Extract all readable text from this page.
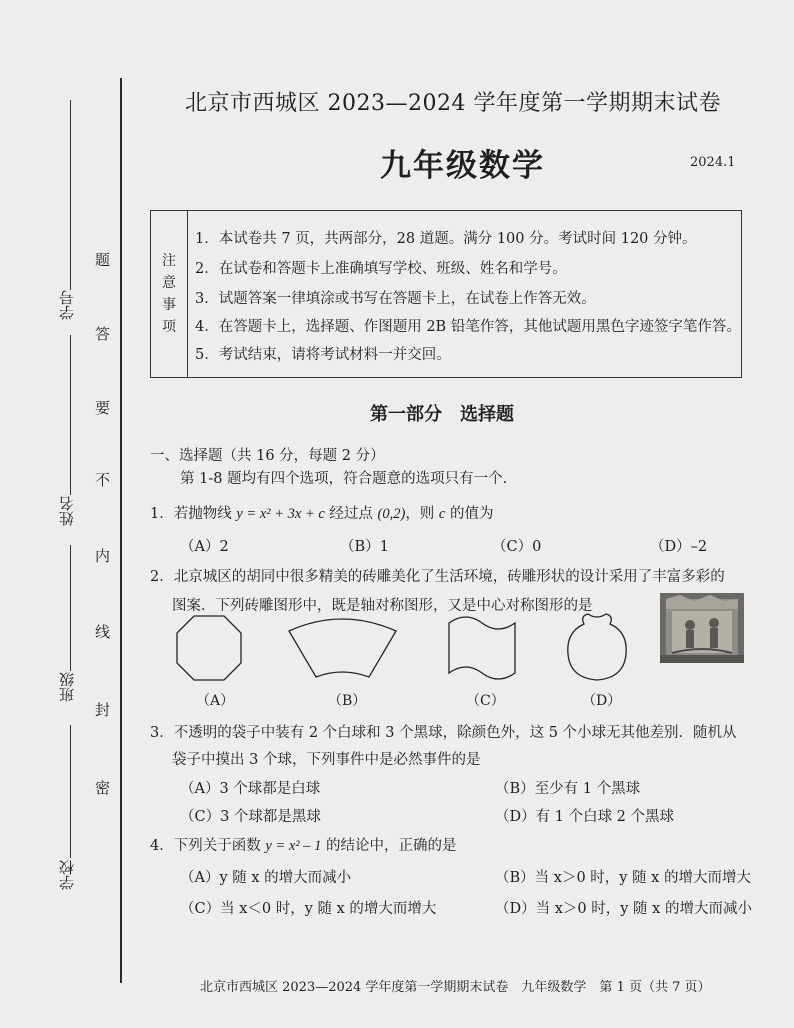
学号
姓名
班级
学校
密
封
线
内
不
要
答
题
北京市西城区 2023—2024 学年度第一学期期末试卷
九年级数学	2024.1
注
意
事
项
1．本试卷共 7 页，共两部分，28 道题。满分 100 分。考试时间 120 分钟。
2．在试卷和答题卡上准确填写学校、班级、姓名和学号。
3．试题答案一律填涂或书写在答题卡上，在试卷上作答无效。
4．在答题卡上，选择题、作图题用 2B 铅笔作答，其他试题用黑色字迹签字笔作答。
5．考试结束，请将考试材料一并交回。
第一部分　选择题
一、选择题（共 16 分，每题 2 分）
第 1-8 题均有四个选项，符合题意的选项只有一个.
1．若抛物线 y = x² + 3x + c 经过点 (0,2)，则 c 的值为
（A）2	（B）1	（C）0	（D）–2
2．北京城区的胡同中很多精美的砖雕美化了生活环境，砖雕形状的设计采用了丰富多彩的
图案．下列砖雕图形中，既是轴对称图形，又是中心对称图形的是
（A）	（B）	（C）	（D）
3．不透明的袋子中装有 2 个白球和 3 个黑球，除颜色外，这 5 个小球无其他差别．随机从
袋子中摸出 3 个球，下列事件中是必然事件的是
（A）3 个球都是白球	（B）至少有 1 个黑球
（C）3 个球都是黑球	（D）有 1 个白球 2 个黑球
4．下列关于函数 y = x² – 1 的结论中，正确的是
（A）y 随 x 的增大而减小	（B）当 x＞0 时，y 随 x 的增大而增大
（C）当 x＜0 时，y 随 x 的增大而增大	（D）当 x＞0 时，y 随 x 的增大而减小
北京市西城区 2023—2024 学年度第一学期期末试卷　九年级数学　第 1 页（共 7 页）
